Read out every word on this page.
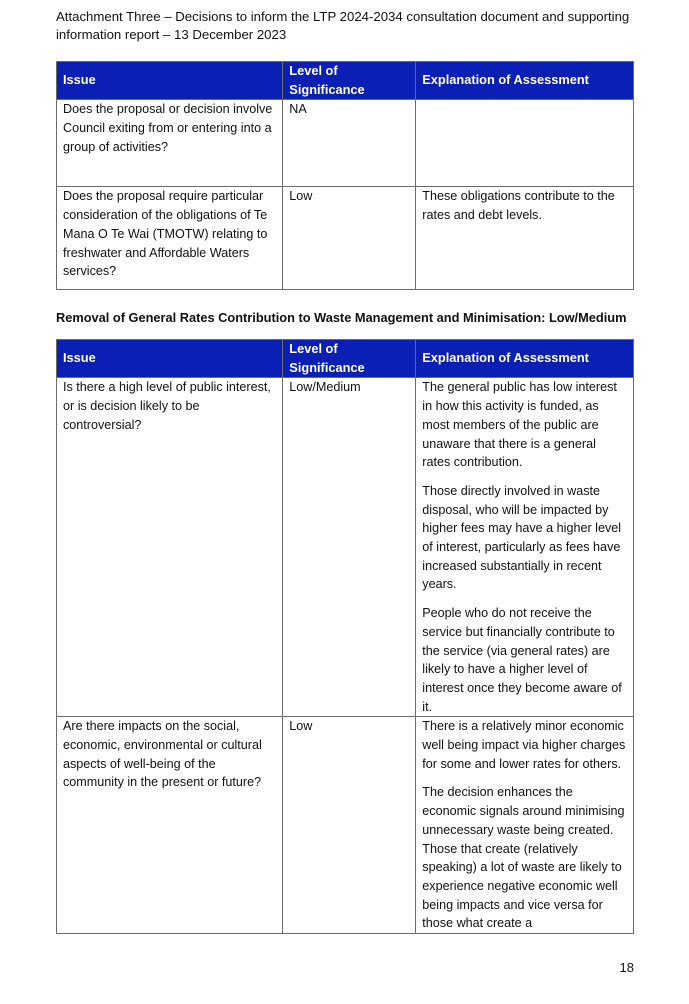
Attachment Three – Decisions to inform the LTP 2024-2034 consultation document and supporting
information report – 13 December 2023
Issue	Level of Significance	Explanation of Assessment
Does the proposal or decision involve Council exiting from or entering into a group of activities?	NA	
Does the proposal require particular consideration of the obligations of Te Mana O Te Wai (TMOTW) relating to freshwater and Affordable Waters services?	Low	These obligations contribute to the rates and debt levels.
Removal of General Rates Contribution to Waste Management and Minimisation: Low/Medium
Issue	Level of Significance	Explanation of Assessment
Is there a high level of public interest, or is decision likely to be controversial?	Low/Medium	The general public has low interest in how this activity is funded, as most members of the public are unaware that there is a general rates contribution.

Those directly involved in waste disposal, who will be impacted by higher fees may have a higher level of interest, particularly as fees have increased substantially in recent years.

People who do not receive the service but financially contribute to the service (via general rates) are likely to have a higher level of interest once they become aware of it.

Are there impacts on the social, economic, environmental or cultural aspects of well-being of the community in the present or future?	Low	There is a relatively minor economic well being impact via higher charges for some and lower rates for others.

The decision enhances the economic signals around minimising unnecessary waste being created. Those that create (relatively speaking) a lot of waste are likely to experience negative economic well being impacts and vice versa for those what create a

18
